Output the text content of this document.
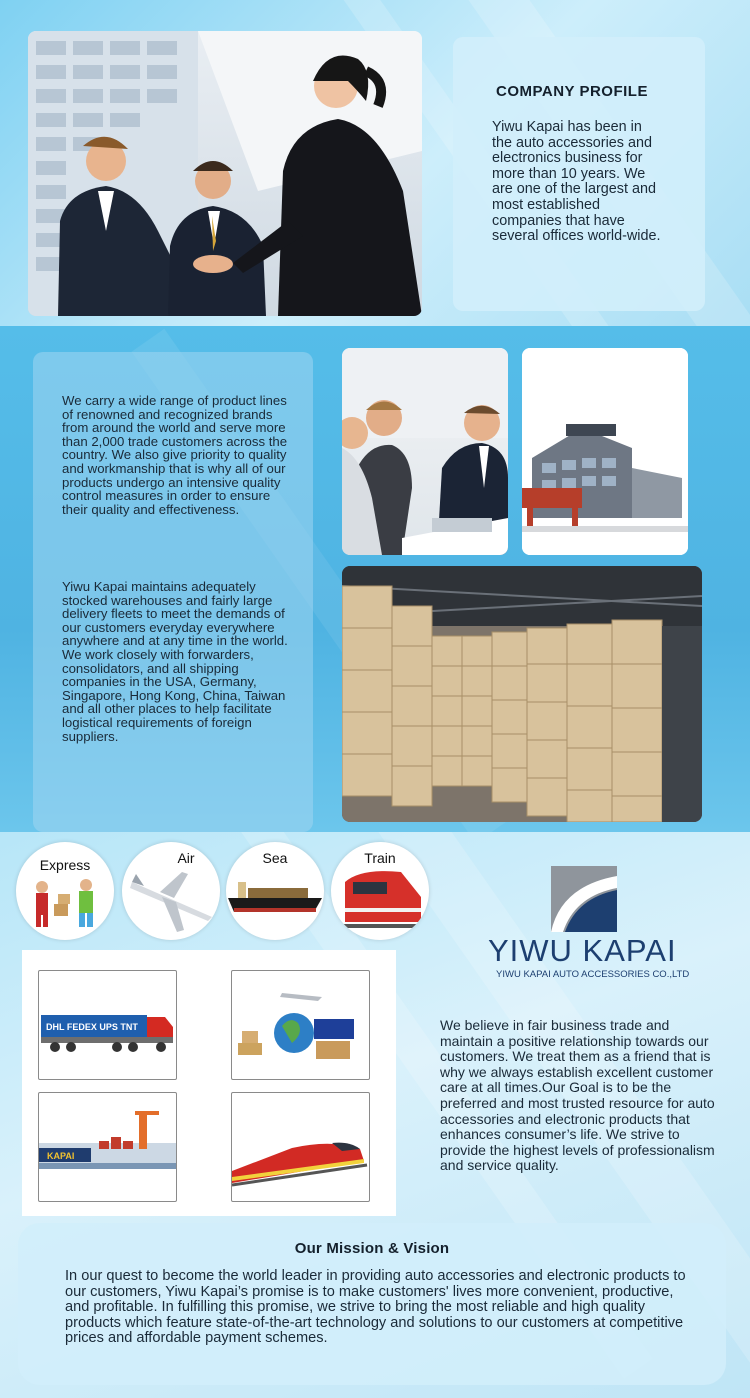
COMPANY PROFILE
Yiwu Kapai has been in the auto accessories and electronics business for more than 10 years. We are one of the largest and most established companies that have several offices world-wide.
We carry a wide range of product lines of renowned and recognized brands from around the world and serve more than 2,000 trade customers across the country. We also give priority to quality and workmanship that is why all of our products undergo an intensive quality control measures in order to ensure their quality and effectiveness.
Yiwu Kapai maintains adequately stocked warehouses and fairly large delivery fleets to meet the demands of our customers everyday everywhere anywhere and at any time in the world. We work closely with forwarders, consolidators, and all shipping companies in the USA, Germany, Singapore, Hong Kong, China, Taiwan and all other places to help facilitate logistical requirements of foreign suppliers.
Express	Air	Sea	Train
DHL FEDEX UPS TNT
KAPAI
YIWU KAPAI
YIWU KAPAI AUTO ACCESSORIES CO.,LTD
We believe in fair business trade and maintain a positive relationship towards our customers. We treat them as a friend that is why we always establish excellent customer care at all times.Our Goal is to be the preferred and most trusted resource for auto accessories and electronic products that enhances consumer’s life. We strive to provide the highest levels of professionalism and service quality.
Our Mission & Vision
In our quest to become the world leader in providing auto accessories and electronic products to our customers, Yiwu Kapai’s promise is to make customers' lives more convenient, productive, and profitable. In fulfilling this promise, we strive to bring the most reliable and high quality products which feature state-of-the-art technology and solutions to our customers at competitive prices and affordable payment schemes.
